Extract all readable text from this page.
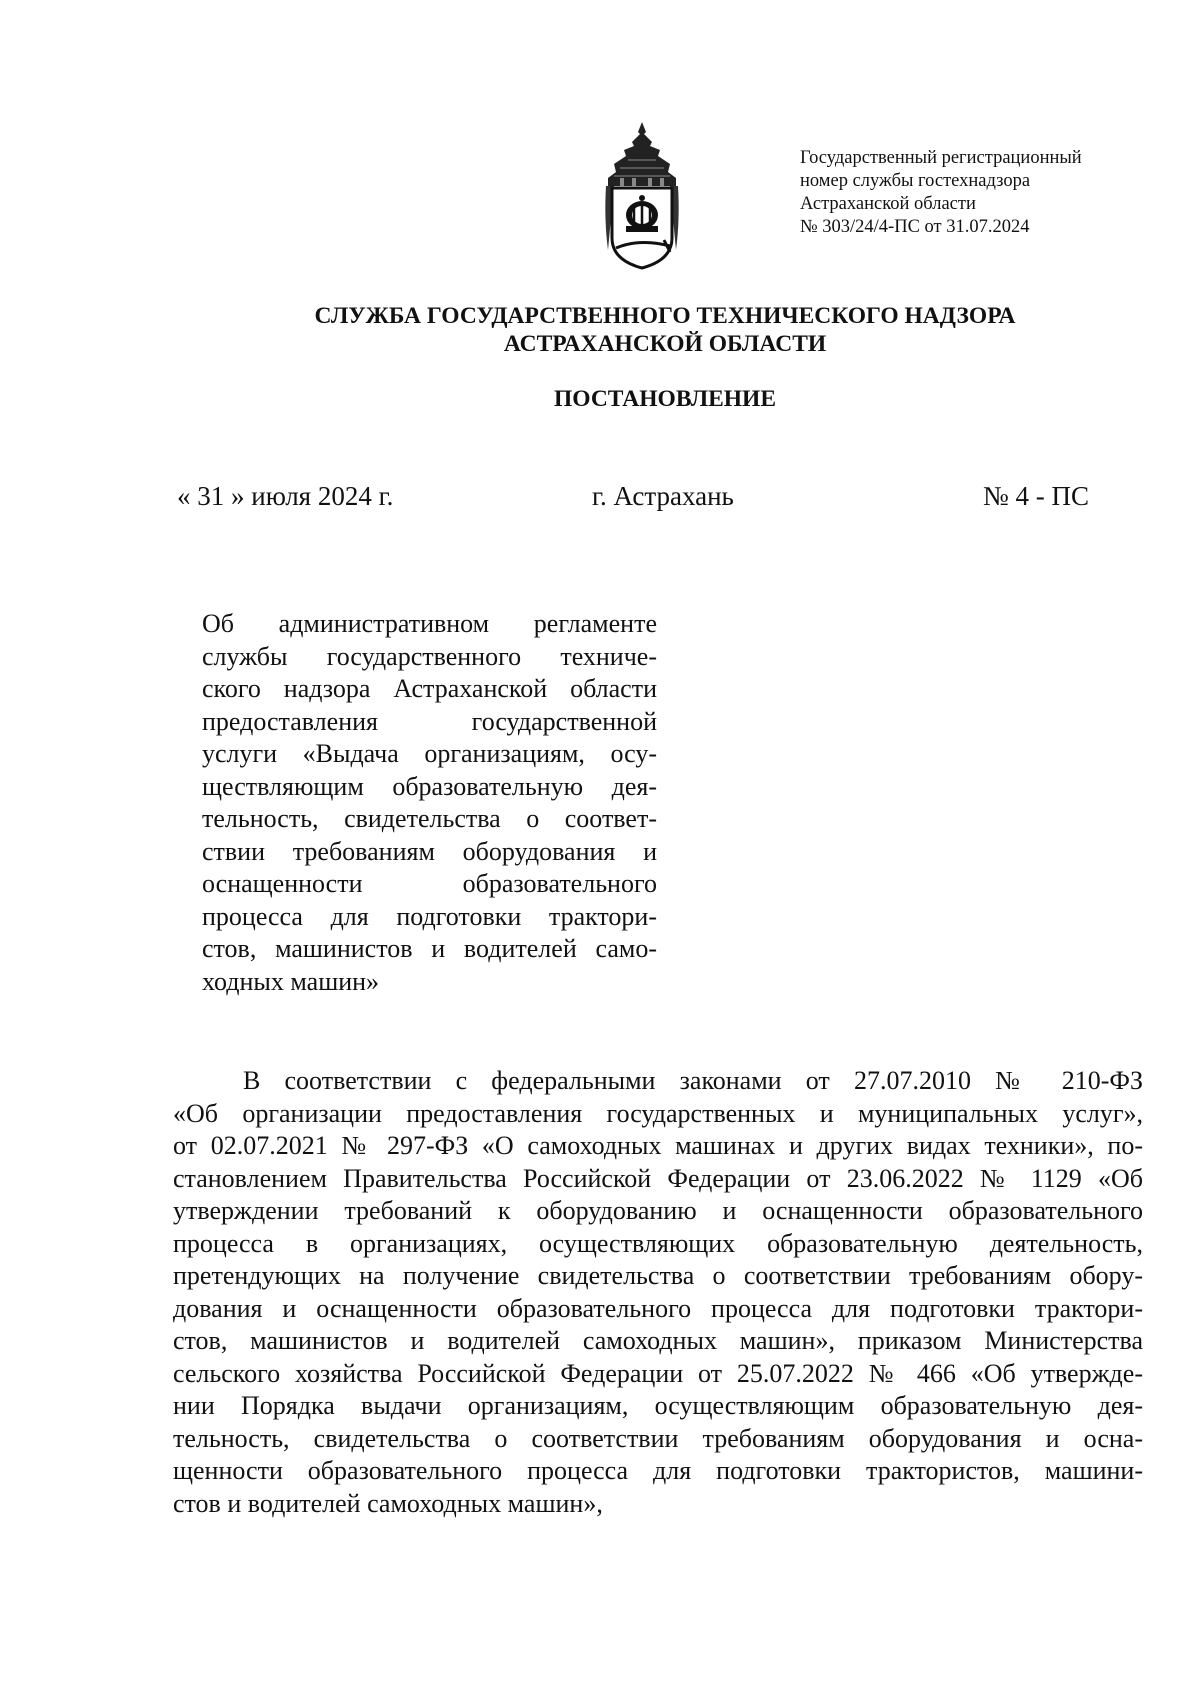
Государственный регистрационный
номер службы гостехнадзора
Астраханской области
№ 303/24/4-ПС от 31.07.2024
СЛУЖБА ГОСУДАРСТВЕННОГО ТЕХНИЧЕСКОГО НАДЗОРА
АСТРАХАНСКОЙ ОБЛАСТИ
ПОСТАНОВЛЕНИЕ
« 31 » июля 2024 г.	г. Астрахань	№ 4 - ПС
Об административном регламенте
службы государственного техниче-
ского надзора Астраханской области
предоставления государственной
услуги «Выдача организациям, осу-
ществляющим образовательную дея-
тельность, свидетельства о соответ-
ствии требованиям оборудования и
оснащенности образовательного
процесса для подготовки трактори-
стов, машинистов и водителей само-
ходных машин»
В соответствии с федеральными законами от 27.07.2010 № 210-ФЗ
«Об организации предоставления государственных и муниципальных услуг»,
от 02.07.2021 № 297-ФЗ «О самоходных машинах и других видах техники», по-
становлением Правительства Российской Федерации от 23.06.2022 № 1129 «Об
утверждении требований к оборудованию и оснащенности образовательного
процесса в организациях, осуществляющих образовательную деятельность,
претендующих на получение свидетельства о соответствии требованиям обору-
дования и оснащенности образовательного процесса для подготовки трактори-
стов, машинистов и водителей самоходных машин», приказом Министерства
сельского хозяйства Российской Федерации от 25.07.2022 № 466 «Об утвержде-
нии Порядка выдачи организациям, осуществляющим образовательную дея-
тельность, свидетельства о соответствии требованиям оборудования и осна-
щенности образовательного процесса для подготовки трактористов, машини-
стов и водителей самоходных машин»,
